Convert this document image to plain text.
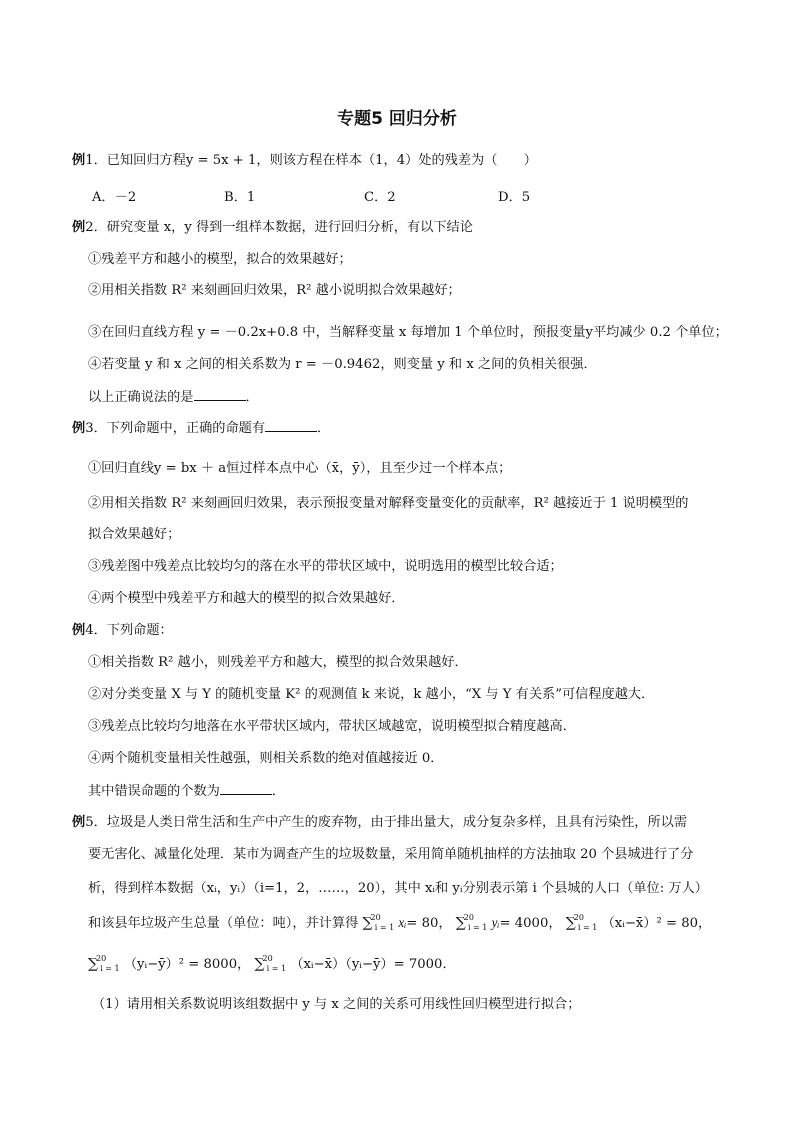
专题5 回归分析
例1．已知回归方程y = 5x + 1，则该方程在样本（1，4）处的残差为（　　）
A．－2	B．1	C．2	D．5
例2．研究变量 x，y 得到一组样本数据，进行回归分析，有以下结论
①残差平方和越小的模型，拟合的效果越好；
②用相关指数 R² 来刻画回归效果，R² 越小说明拟合效果越好；
③在回归直线方程 y = －0.2x+0.8 中，当解释变量 x 每增加 1 个单位时，预报变量y平均减少 0.2 个单位；
④若变量 y 和 x 之间的相关系数为 r = －0.9462，则变量 y 和 x 之间的负相关很强．
以上正确说法的是	．
例3．下列命题中，正确的命题有	．
①回归直线y = bx ＋ a恒过样本点中心（x̄，ȳ），且至少过一个样本点；
②用相关指数 R² 来刻画回归效果，表示预报变量对解释变量变化的贡献率，R² 越接近于 1 说明模型的
拟合效果越好；
③残差图中残差点比较均匀的落在水平的带状区域中，说明选用的模型比较合适；
④两个模型中残差平方和越大的模型的拟合效果越好．
例4．下列命题：
①相关指数 R² 越小，则残差平方和越大，模型的拟合效果越好．
②对分类变量 X 与 Y 的随机变量 K² 的观测值 k 来说，k 越小，“X 与 Y 有关系”可信程度越大．
③残差点比较均匀地落在水平带状区域内，带状区域越宽，说明模型拟合精度越高．
④两个随机变量相关性越强，则相关系数的绝对值越接近 0．
其中错误命题的个数为	．
例5．垃圾是人类日常生活和生产中产生的废弃物，由于排出量大，成分复杂多样，且具有污染性，所以需
要无害化、减量化处理．某市为调查产生的垃圾数量，采用简单随机抽样的方法抽取 20 个县城进行了分
析，得到样本数据（xᵢ，yᵢ）（i=1，2，……，20），其中 xᵢ和 yᵢ分别表示第 i 个县城的人口（单位: 万人）
和该县年垃圾产生总量（单位：吨），并计算得 ∑$^{20}_{i = 1}$ xᵢ= 80， ∑$^{20}_{i = 1}$ yᵢ= 4000， ∑$^{20}_{i = 1}$ （xᵢ−x̄）² = 80，
∑$^{20}_{i = 1}$ （yᵢ−ȳ）² = 8000， ∑$^{20}_{i = 1}$ （xᵢ−x̄）（yᵢ−ȳ）= 7000．
（1）请用相关系数说明该组数据中 y 与 x 之间的关系可用线性回归模型进行拟合；
